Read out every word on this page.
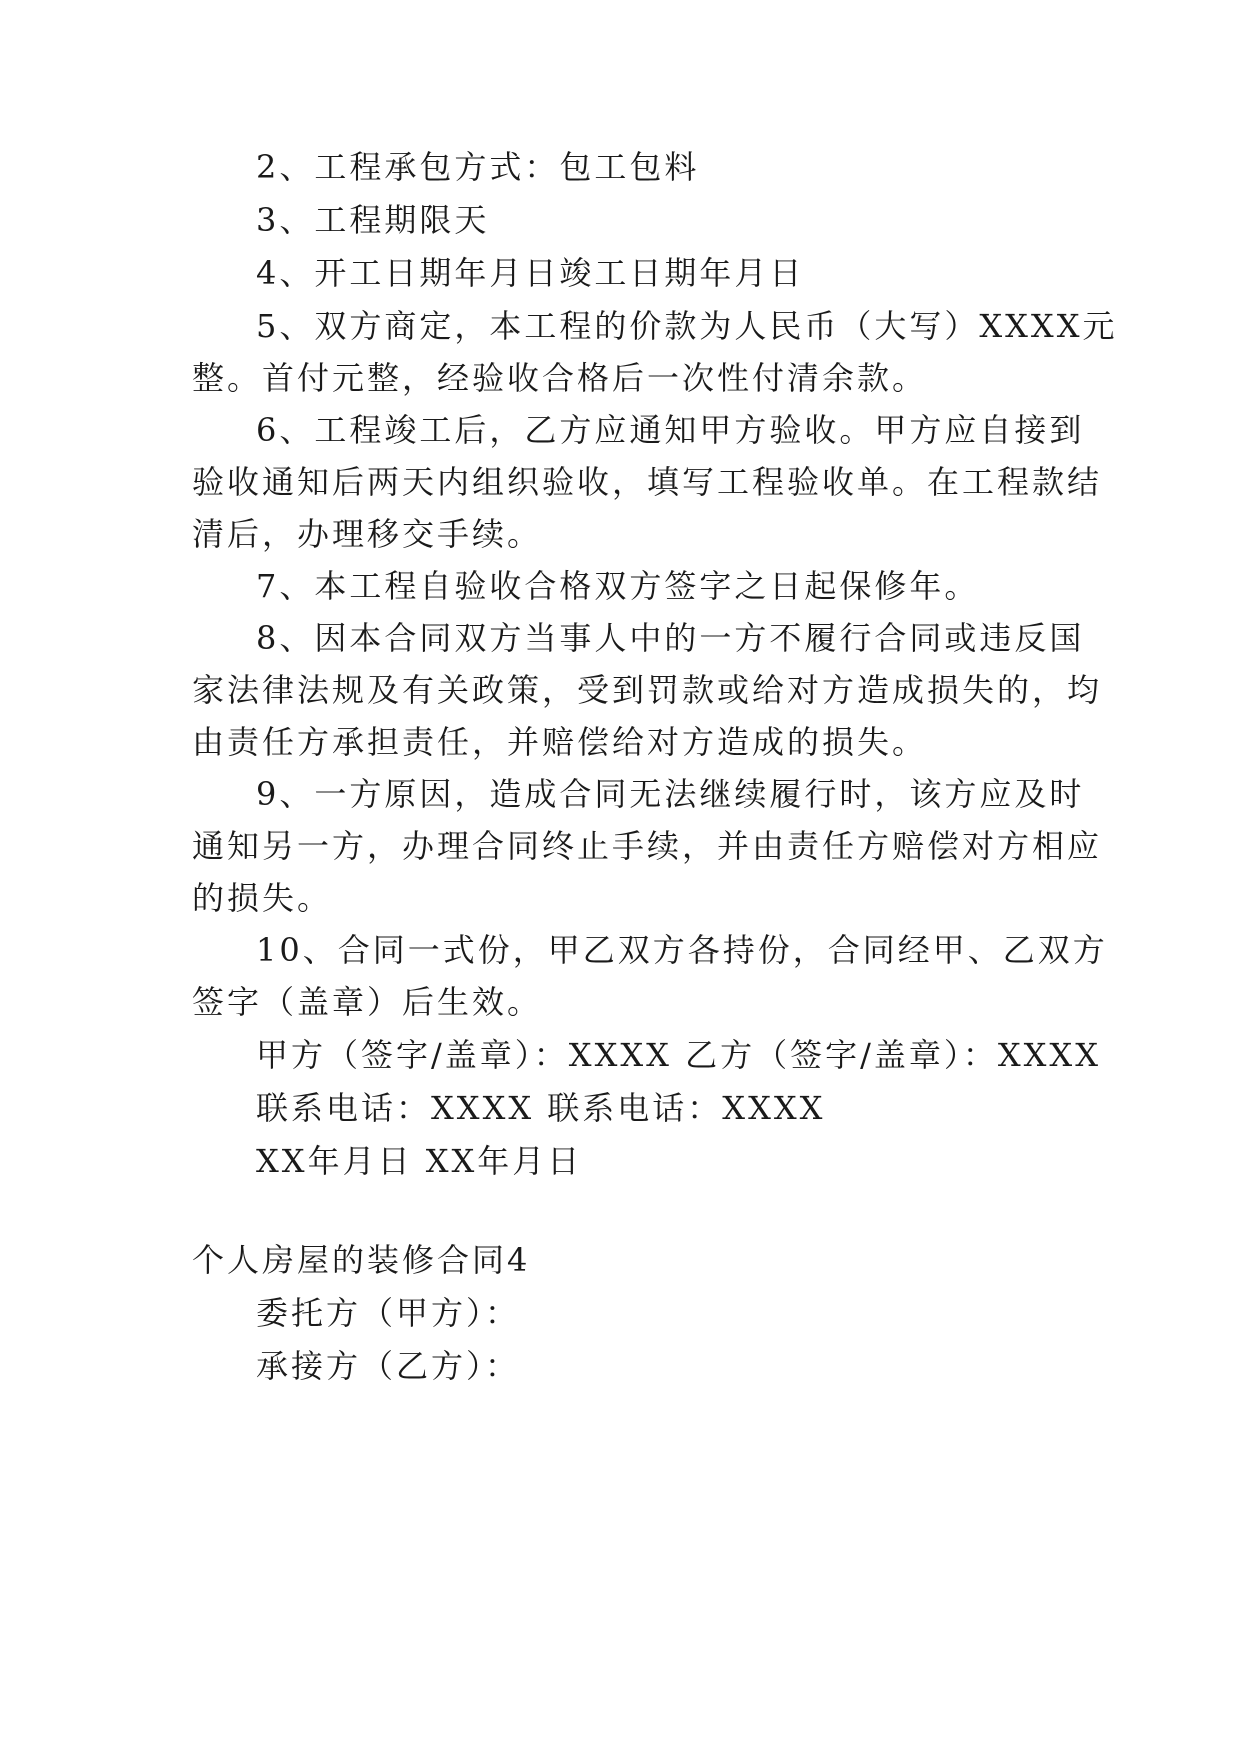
2、工程承包方式：包工包料
3、工程期限天
4、开工日期年月日竣工日期年月日
5、双方商定，本工程的价款为人民币（大写）XXXX元
整。首付元整，经验收合格后一次性付清余款。
6、工程竣工后，乙方应通知甲方验收。甲方应自接到
验收通知后两天内组织验收，填写工程验收单。在工程款结
清后，办理移交手续。
7、本工程自验收合格双方签字之日起保修年。
8、因本合同双方当事人中的一方不履行合同或违反国
家法律法规及有关政策，受到罚款或给对方造成损失的，均
由责任方承担责任，并赔偿给对方造成的损失。
9、一方原因，造成合同无法继续履行时，该方应及时
通知另一方，办理合同终止手续，并由责任方赔偿对方相应
的损失。
10、合同一式份，甲乙双方各持份，合同经甲、乙双方
签字（盖章）后生效。
甲方（签字/盖章）：XXXX 乙方（签字/盖章）：XXXX
联系电话：XXXX 联系电话：XXXX
XX年月日 XX年月日
个人房屋的装修合同4
委托方（甲方）：
承接方（乙方）：
